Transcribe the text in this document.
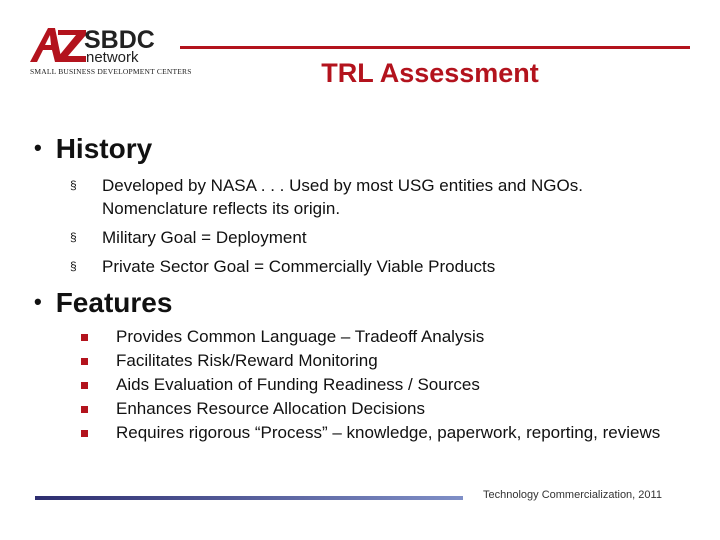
SBDC
network
SMALL BUSINESS DEVELOPMENT CENTERS	TRL Assessment
• History
§	Developed by NASA . . . Used by most USG entities and NGOs. Nomenclature reflects its origin.
§	Military Goal = Deployment
§	Private Sector Goal = Commercially Viable Products
• Features
Provides Common Language – Tradeoff Analysis
Facilitates Risk/Reward Monitoring
Aids Evaluation of Funding Readiness / Sources
Enhances Resource Allocation Decisions
Requires rigorous “Process” – knowledge, paperwork, reporting, reviews
Technology Commercialization, 2011
